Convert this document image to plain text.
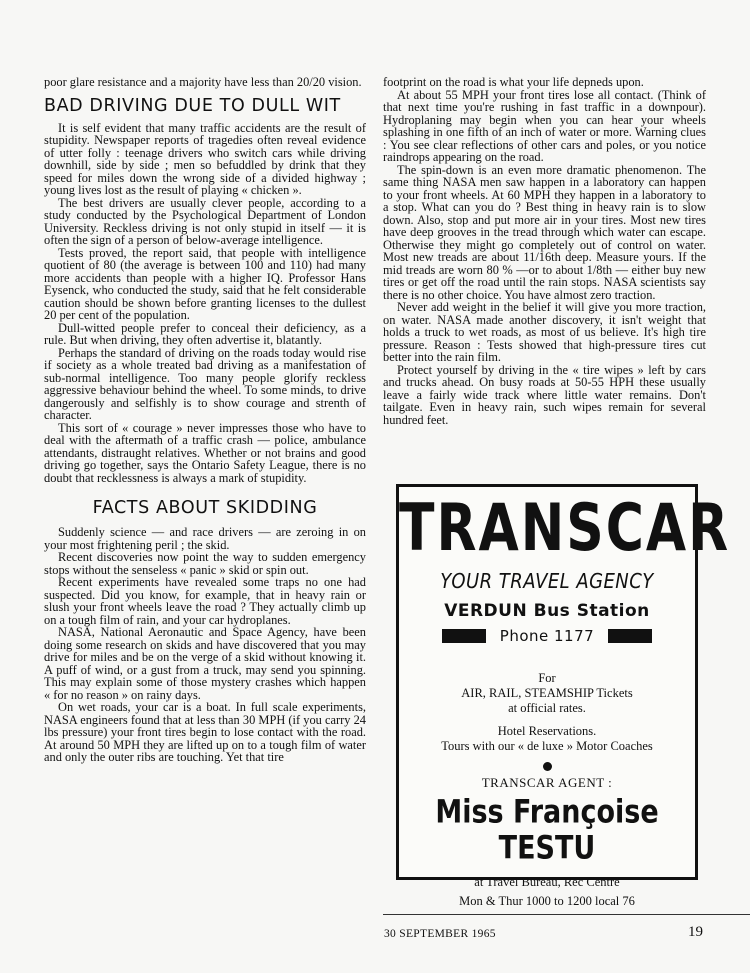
poor glare resistance and a majority have less than 20/20 vision.

BAD DRIVING DUE TO DULL WIT

It is self evident that many traffic accidents are the result of stupidity. Newspaper reports of tragedies often reveal evidence of utter folly : teenage drivers who switch cars while driving downhill, side by side ; men so befuddled by drink that they speed for miles down the wrong side of a divided highway ; young lives lost as the result of playing « chicken ».

The best drivers are usually clever people, according to a study conducted by the Psychological Department of London University. Reckless driving is not only stupid in itself — it is often the sign of a person of below-average intelligence.

Tests proved, the report said, that people with intelligence quotient of 80 (the average is between 100 and 110) had many more accidents than people with a higher IQ. Professor Hans Eysenck, who conducted the study, said that he felt considerable caution should be shown before granting licenses to the dullest 20 per cent of the population.

Dull-witted people prefer to conceal their deficiency, as a rule. But when driving, they often advertise it, blatantly.

Perhaps the standard of driving on the roads today would rise if society as a whole treated bad driving as a manifestation of sub-normal intelligence. Too many people glorify reckless aggressive behaviour behind the wheel. To some minds, to drive dangerously and selfishly is to show courage and strenth of character.

This sort of « courage » never impresses those who have to deal with the aftermath of a traffic crash — police, ambulance attendants, distraught relatives. Whether or not brains and good driving go together, says the Ontario Safety League, there is no doubt that recklessness is always a mark of stupidity.

FACTS ABOUT SKIDDING

Suddenly science — and race drivers — are zeroing in on your most frightening peril ; the skid.

Recent discoveries now point the way to sudden emergency stops without the senseless « panic » skid or spin out.

Recent experiments have revealed some traps no one had suspected. Did you know, for example, that in heavy rain or slush your front wheels leave the road ? They actually climb up on a tough film of rain, and your car hydroplanes.

NASA, National Aeronautic and Space Agency, have been doing some research on skids and have discovered that you may drive for miles and be on the verge of a skid without knowing it. A puff of wind, or a gust from a truck, may send you spinning. This may explain some of those mystery crashes which happen « for no reason » on rainy days.

On wet roads, your car is a boat. In full scale experiments, NASA engineers found that at less than 30 MPH (if you carry 24 lbs pressure) your front tires begin to lose contact with the road. At around 50 MPH they are lifted up on to a tough film of water and only the outer ribs are touching. Yet that tire

footprint on the road is what your life depneds upon.

At about 55 MPH your front tires lose all contact. (Think of that next time you're rushing in fast traffic in a downpour). Hydroplaning may begin when you can hear your wheels splashing in one fifth of an inch of water or more. Warning clues : You see clear reflections of other cars and poles, or you notice raindrops appearing on the road.

The spin-down is an even more dramatic phenomenon. The same thing NASA men saw happen in a laboratory can happen to your front wheels. At 60 MPH they happen in a laboratory to a stop. What can you do ? Best thing in heavy rain is to slow down. Also, stop and put more air in your tires. Most new tires have deep grooves in the tread through which water can escape. Otherwise they might go completely out of control on water. Most new treads are about 11/16th deep. Measure yours. If the mid treads are worn 80 % —or to about 1/8th — either buy new tires or get off the road until the rain stops. NASA scientists say there is no other choice. You have almost zero traction.

Never add weight in the belief it will give you more traction, on water. NASA made another discovery, it isn't weight that holds a truck to wet roads, as most of us believe. It's high tire pressure. Reason : Tests showed that high-pressure tires cut better into the rain film.

Protect yourself by driving in the « tire wipes » left by cars and trucks ahead. On busy roads at 50-55 HPH these usually leave a fairly wide track where little water remains. Don't tailgate. Even in heavy rain, such wipes remain for several hundred feet.

TRANSCAR
YOUR TRAVEL AGENCY
VERDUN Bus Station
Phone 1177
For
AIR, RAIL, STEAMSHIP Tickets
at official rates.
Hotel Reservations.
Tours with our « de luxe » Motor Coaches
TRANSCAR AGENT :
Miss Françoise TESTU
at Travel Bureau, Rec Centre
Mon & Thur 1000 to 1200 local 76
30 SEPTEMBER 1965	19
